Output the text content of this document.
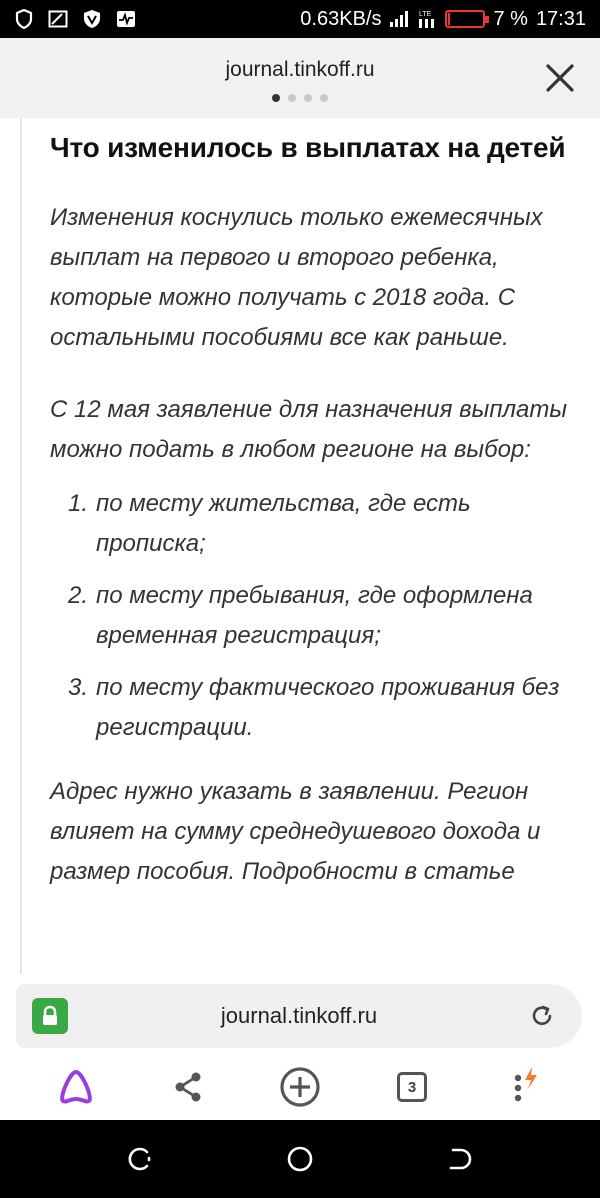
0.63KB/s	LTE	7 % 17:31
journal.tinkoff.ru
Что изменилось в выплатах на детей

Изменения коснулись только ежемесячных выплат на первого и второго ребенка, которые можно получать с 2018 года. С остальными пособиями все как раньше.

С 12 мая заявление для назначения выплаты можно подать в любом регионе на выбор:

1. по месту жительства, где есть прописка;
2. по месту пребывания, где оформлена временная регистрация;
3. по месту фактического проживания без регистрации.

Адрес нужно указать в заявлении. Регион влияет на сумму среднедушевого дохода и размер пособия. Подробности в статье

journal.tinkoff.ru
3
